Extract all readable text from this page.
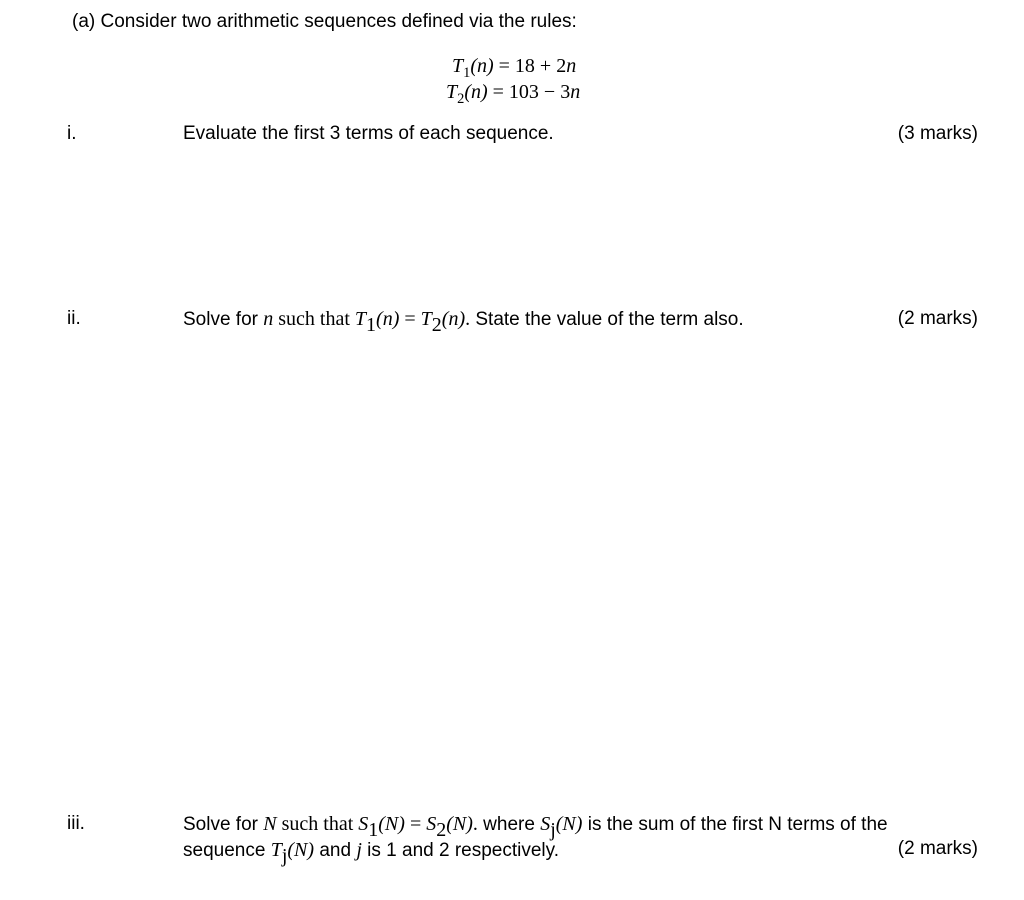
(a) Consider two arithmetic sequences defined via the rules:
$T_1(n) = 18 + 2n$
$T_2(n) = 103 - 3n$
i.	Evaluate the first 3 terms of each sequence.	(3 marks)
ii.	Solve for n such that T1(n) = T2(n). State the value of the term also.	(2 marks)
iii.	Solve for N such that S1(N) = S2(N). where Sj(N) is the sum of the first N terms of the
sequence Tj(N) and j is 1 and 2 respectively.	(2 marks)
